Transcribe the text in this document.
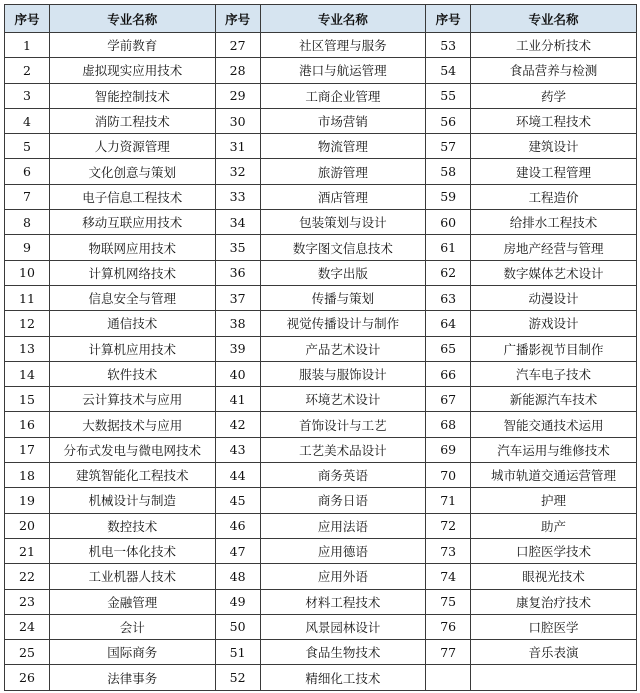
序号	专业名称	序号	专业名称	序号	专业名称
1	学前教育	27	社区管理与服务	53	工业分析技术
2	虚拟现实应用技术	28	港口与航运管理	54	食品营养与检测
3	智能控制技术	29	工商企业管理	55	药学
4	消防工程技术	30	市场营销	56	环境工程技术
5	人力资源管理	31	物流管理	57	建筑设计
6	文化创意与策划	32	旅游管理	58	建设工程管理
7	电子信息工程技术	33	酒店管理	59	工程造价
8	移动互联应用技术	34	包装策划与设计	60	给排水工程技术
9	物联网应用技术	35	数字图文信息技术	61	房地产经营与管理
10	计算机网络技术	36	数字出版	62	数字媒体艺术设计
11	信息安全与管理	37	传播与策划	63	动漫设计
12	通信技术	38	视觉传播设计与制作	64	游戏设计
13	计算机应用技术	39	产品艺术设计	65	广播影视节目制作
14	软件技术	40	服装与服饰设计	66	汽车电子技术
15	云计算技术与应用	41	环境艺术设计	67	新能源汽车技术
16	大数据技术与应用	42	首饰设计与工艺	68	智能交通技术运用
17	分布式发电与微电网技术	43	工艺美术品设计	69	汽车运用与维修技术
18	建筑智能化工程技术	44	商务英语	70	城市轨道交通运营管理
19	机械设计与制造	45	商务日语	71	护理
20	数控技术	46	应用法语	72	助产
21	机电一体化技术	47	应用德语	73	口腔医学技术
22	工业机器人技术	48	应用外语	74	眼视光技术
23	金融管理	49	材料工程技术	75	康复治疗技术
24	会计	50	风景园林设计	76	口腔医学
25	国际商务	51	食品生物技术	77	音乐表演
26	法律事务	52	精细化工技术		
